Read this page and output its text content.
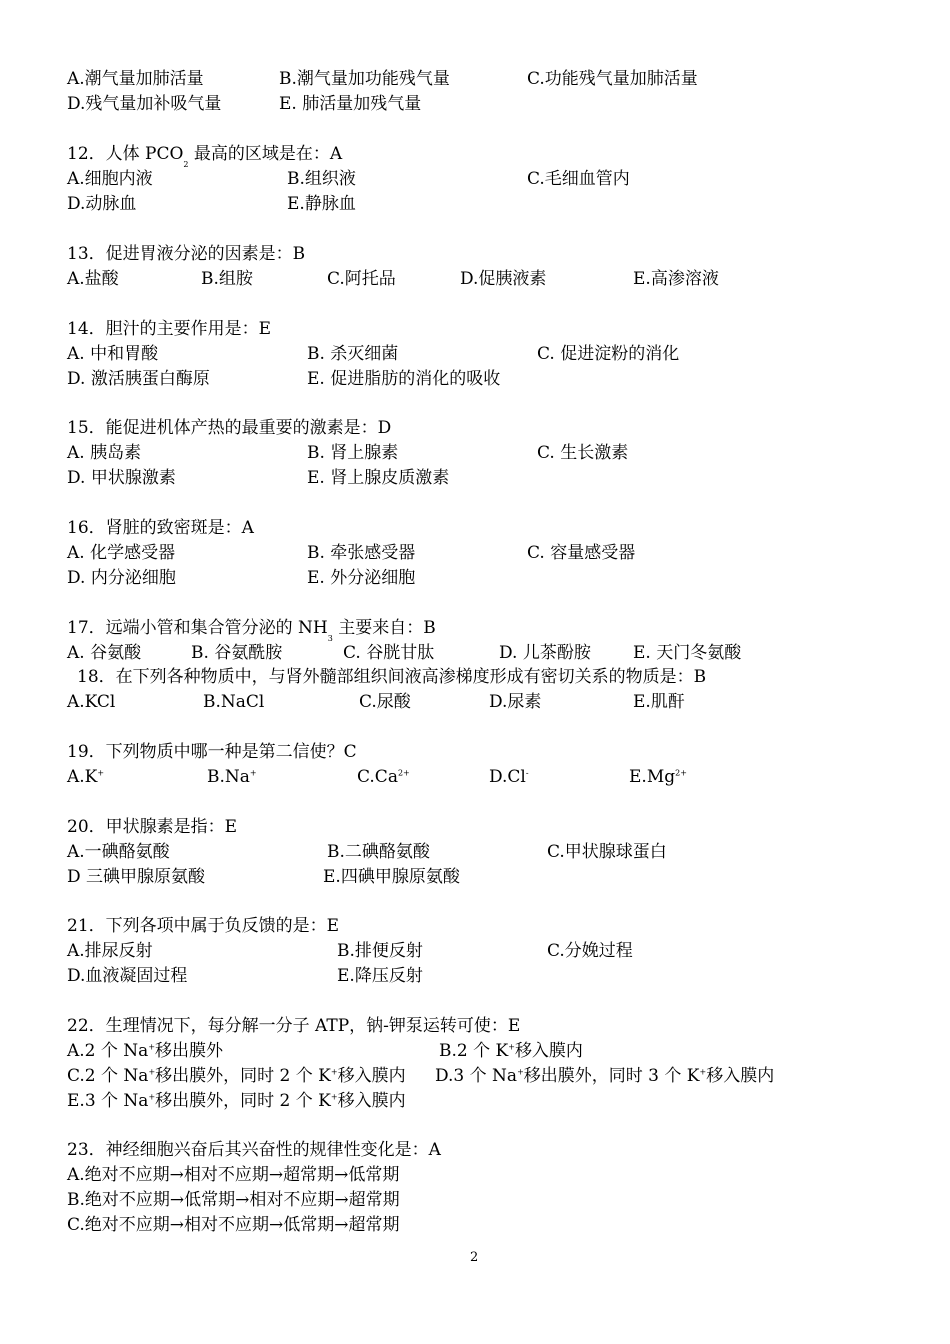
A.潮气量加肺活量	B.潮气量加功能残气量	C.功能残气量加肺活量
D.残气量加补吸气量	E. 肺活量加残气量
12．人体 $PCO_2$ 最高的区域是在：A
A.细胞内液	B.组织液	C.毛细血管内
D.动脉血	E.静脉血
13．促进胃液分泌的因素是：B
A.盐酸	B.组胺	C.阿托品	D.促胰液素	E.高渗溶液
14．胆汁的主要作用是：E
A. 中和胃酸	B. 杀灭细菌	C. 促进淀粉的消化
D. 激活胰蛋白酶原	E. 促进脂肪的消化的吸收
15．能促进机体产热的最重要的激素是：D
A. 胰岛素	B. 肾上腺素	C. 生长激素
D. 甲状腺激素	E. 肾上腺皮质激素
16．肾脏的致密斑是：A
A. 化学感受器	B. 牵张感受器	C. 容量感受器
D. 内分泌细胞	E. 外分泌细胞
17．远端小管和集合管分泌的 $NH_3$ 主要来自：B
A. 谷氨酸	B. 谷氨酰胺	C. 谷胱甘肽	D. 儿茶酚胺 E. 天门冬氨酸
18．在下列各种物质中，与肾外髓部组织间液高渗梯度形成有密切关系的物质是：B
A.KCl	B.NaCl	C.尿酸	D.尿素	E.肌酐
19．下列物质中哪一种是第二信使？C
A.K+	B.Na+	$C.Ca^{2+}$	D.Cl-	$E.Mg^{2+}$
20．甲状腺素是指：E
A.一碘酪氨酸	B.二碘酪氨酸	C.甲状腺球蛋白
D 三碘甲腺原氨酸	E.四碘甲腺原氨酸
21．下列各项中属于负反馈的是：E
A.排尿反射	B.排便反射	C.分娩过程
D.血液凝固过程	E.降压反射
22．生理情况下，每分解一分子 ATP，钠-钾泵运转可使：E
A.2 个 Na+移出膜外	B.2 个 K+移入膜内
C.2 个 Na+移出膜外，同时 2 个 K+移入膜内 D.3 个 Na+移出膜外，同时 3 个 K+移入膜内
E.3 个 Na+移出膜外，同时 2 个 K+移入膜内
23．神经细胞兴奋后其兴奋性的规律性变化是：A
A.绝对不应期→相对不应期→超常期→低常期
B.绝对不应期→低常期→相对不应期→超常期
C.绝对不应期→相对不应期→低常期→超常期
2
